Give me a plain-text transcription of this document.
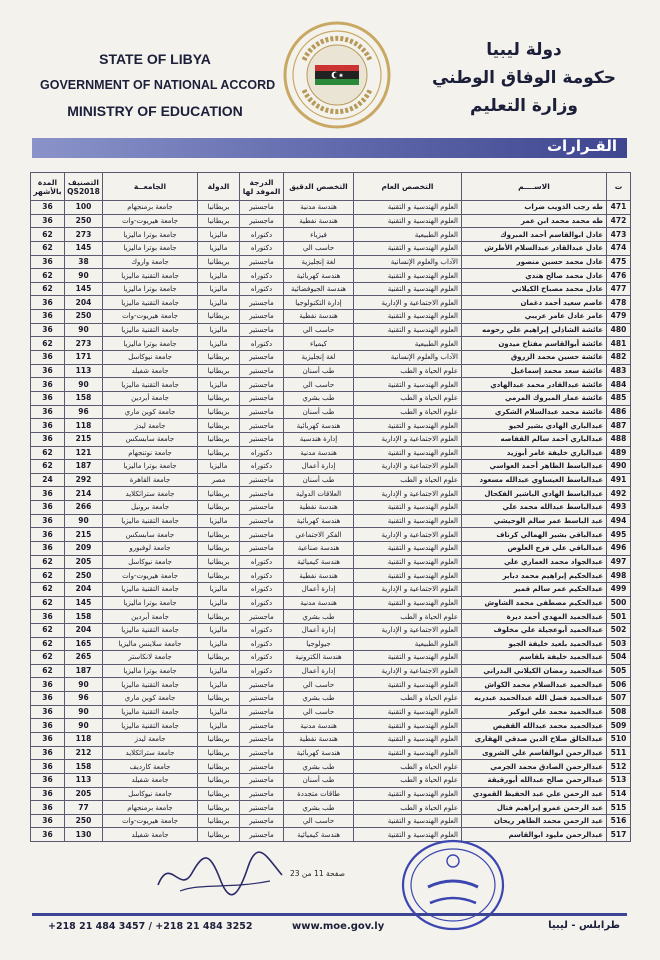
STATE OF LIBYA
GOVERNMENT OF NATIONAL ACCORD
MINISTRY OF EDUCATION
دولة ليبيا
حكومة الوفاق الوطني
وزارة التعليم
القـرارات
ت	الاســــم	التخصص العام	التخصص الدقيق	الدرجة الموفد لها	الدولة	الجامعــة	التصنيف QS2018	المدة بالأشهر
471	طه رجب الذويب ضراب	العلوم الهندسية و التقنية	هندسة مدنية	ماجستير	بريطانيا	جامعة برمنجهام	100	36
472	طه محمد محمد ابن عمر	العلوم الهندسية و التقنية	هندسة نفطية	ماجستير	بريطانيا	جامعة هيريوت-وات	250	36
473	عادل ابوالقاسم أحمد المبروك	العلوم الطبيعية	فيزياء	دكتوراه	ماليزيا	جامعة بوترا ماليزيا	273	62
474	عادل عبدالقادر عبدالسلام الأطرش	العلوم الهندسية و التقنية	حاسب الي	دكتوراه	ماليزيا	جامعة بوترا ماليزيا	145	62
475	عادل محمد حسين منصور	الآداب والعلوم الإنسانية	لغة إنجليزية	ماجستير	بريطانيا	جامعة واروك	38	36
476	عادل محمد صالح هندي	العلوم الهندسية و التقنية	هندسة كهربائية	دكتوراه	ماليزيا	جامعة التقنية ماليزيا	90	62
477	عادل محمد مصباح الكيلاني	العلوم الهندسية و التقنية	هندسة الجيوفضائية	دكتوراه	ماليزيا	جامعة بوترا ماليزيا	145	62
478	عاصم سعيد أحمد دغمان	العلوم الاجتماعية و الإدارية	إدارة التكنولوجيا	ماجستير	ماليزيا	جامعة التقنية ماليزيا	204	36
479	عامر عادل عامر عريبي	العلوم الهندسية و التقنية	هندسة نفطية	ماجستير	بريطانيا	جامعة هيريوت-وات	250	36
480	عائشة الشاذلي إبراهيم علي رحومه	العلوم الهندسية و التقنية	حاسب الي	ماجستير	ماليزيا	جامعة التقنية ماليزيا	90	36
481	عائشة أبوالقاسم مفتاح ميدون	العلوم الطبيعية	كيمياء	دكتوراه	ماليزيا	جامعة بوترا ماليزيا	273	62
482	عائشة حسين محمد الزروق	الآداب والعلوم الإنسانية	لغة إنجليزية	ماجستير	بريطانيا	جامعة نيوكاسل	171	36
483	عائشة سعد محمد إسماعيل	علوم الحياة و الطب	طب أسنان	ماجستير	بريطانيا	جامعة شفيلد	113	36
484	عائشة عبدالقادر محمد عبدالهادي	العلوم الهندسية و التقنية	حاسب الي	ماجستير	ماليزيا	جامعة التقنية ماليزيا	90	36
485	عائشة عمار المبروك المرمي	علوم الحياة و الطب	طب بشري	ماجستير	بريطانيا	جامعة أبردين	158	36
486	عائشة محمد عبدالسلام الشكري	علوم الحياة و الطب	طب أسنان	ماجستير	بريطانيا	جامعة كوين ماري	96	36
487	عبدالباري الهادي بشير لحيو	العلوم الهندسية و التقنية	هندسة كهربائية	ماجستير	بريطانيا	جامعة ليدز	118	36
488	عبدالباري أحمد سالم القفاصه	العلوم الاجتماعية و الإدارية	إدارة هندسية	ماجستير	بريطانيا	جامعة سابسكس	215	36
489	عبدالباري خليفة عامر أبوزيد	العلوم الهندسية و التقنية	هندسة مدنية	دكتوراه	بريطانيا	جامعة نوتنجهام	121	62
490	عبدالباسط الطاهر أحمد العواسي	العلوم الاجتماعية و الإدارية	إدارة أعمال	دكتوراه	ماليزيا	جامعة بوترا ماليزيا	187	62
491	عبدالباسط العيساوي عبدالله مسعود	علوم الحياة و الطب	طب أسنان	ماجستير	مصر	جامعة القاهرة	292	24
492	عبدالباسط الهادي الباشير الفكحال	العلوم الاجتماعية و الإدارية	العلاقات الدولية	ماجستير	بريطانيا	جامعة ستراثكلايد	214	36
493	عبدالباسط عبدالله محمد علي	العلوم الهندسية و التقنية	هندسة نفطية	ماجستير	بريطانيا	جامعة برونيل	266	36
494	عبد الباسط عمر سالم الوحيشي	العلوم الهندسية و التقنية	هندسة كهربائية	ماجستير	ماليزيا	جامعة التقنية ماليزيا	90	36
495	عبدالباقي بشير الهمالي كرناف	العلوم الاجتماعية و الإدارية	الفكر الاجتماعي	ماجستير	بريطانيا	جامعة سابسكس	215	36
496	عبدالباقي علي فرج العلوص	العلوم الهندسية و التقنية	هندسة صناعية	ماجستير	بريطانيا	جامعة لوفبورو	209	36
497	عبدالجواد محمد العماري علي	العلوم الهندسية و التقنية	هندسة كيميائية	دكتوراه	بريطانيا	جامعة نيوكاسل	205	62
498	عبدالحكيم إبراهيم محمد دبابر	العلوم الهندسية و التقنية	هندسة نفطية	دكتوراه	بريطانيا	جامعة هيريوت-وات	250	62
499	عبدالحكيم عمر سالم قمير	العلوم الاجتماعية و الإدارية	إدارة أعمال	دكتوراه	ماليزيا	جامعة التقنية ماليزيا	204	62
500	عبدالحكيم مصطفى محمد الشاوش	العلوم الهندسية و التقنية	هندسة مدنية	دكتوراه	ماليزيا	جامعة بوترا ماليزيا	145	62
501	عبدالحميد المهدي أحمد ديرة	علوم الحياة و الطب	طب بشري	ماجستير	بريطانيا	جامعة أبردين	158	36
502	عبدالحميد أبوعجيلة علي مخلوف	العلوم الاجتماعية و الإدارية	إدارة أعمال	دكتوراه	ماليزيا	جامعة التقنية ماليزيا	204	62
503	عبدالحميد بلعيد خليفة الجبو	العلوم الطبيعية	جيولوجيا	دكتوراه	ماليزيا	جامعة سلاينس ماليزيا	165	62
504	عبدالحميد خليفة بلقاسم	العلوم الهندسية و التقنية	هندسة الكترونية	دكتوراه	بريطانيا	جامعة لانكاستر	265	62
505	عبدالحميد رمضان الكيلاني البدراني	العلوم الاجتماعية و الإدارية	إدارة أعمال	دكتوراه	ماليزيا	جامعة بوترا ماليزيا	187	62
506	عبدالحميد عبدالسلام محمد الكواش	العلوم الهندسية و التقنية	حاسب الي	ماجستير	ماليزيا	جامعة التقنية ماليزيا	90	36
507	عبدالحميد فضل الله عبدالحميد عبدربه	علوم الحياة و الطب	طب بشري	ماجستير	بريطانيا	جامعة كوين ماري	96	36
508	عبدالحميد محمد علي ابوكير	العلوم الهندسية و التقنية	حاسب الي	ماجستير	ماليزيا	جامعة التقنية ماليزيا	90	36
509	عبدالحميد محمد عبدالله القفيص	العلوم الهندسية و التقنية	هندسة مدنية	ماجستير	ماليزيا	جامعة التقنية ماليزيا	90	36
510	عبدالخالق صلاح الدين صدقي الهقاري	العلوم الهندسية و التقنية	هندسة نفطية	ماجستير	بريطانيا	جامعة ليدز	118	36
511	عبدالرحمن ابوالقاسم علي الشروى	العلوم الهندسية و التقنية	هندسة كهربائية	ماجستير	بريطانيا	جامعة ستراثكلايد	212	36
512	عبدالرحمن الصادق محمد الجرمي	علوم الحياة و الطب	طب بشري	ماجستير	بريطانيا	جامعة كارديف	158	36
513	عبدالرحمن صالح عبدالله أبورقيقة	علوم الحياة و الطب	طب أسنان	ماجستير	بريطانيا	جامعة شفيلد	113	36
514	عبد الرحمن علي عبد الحفيظ القمودي	العلوم الهندسية و التقنية	طاقات متجددة	ماجستير	بريطانيا	جامعة نيوكاسل	205	36
515	عبد الرحمن عمرو إبراهيم فتال	علوم الحياة و الطب	طب بشري	ماجستير	بريطانيا	جامعة برمنجهام	77	36
516	عبد الرحمن محمد الطاهر ريحان	العلوم الهندسية و التقنية	حاسب الي	ماجستير	بريطانيا	جامعة هيريوت-وات	250	36
517	عبدالرحمن مليود ابوالقاسم	العلوم الهندسية و التقنية	هندسة كيميائية	ماجستير	بريطانيا	جامعة شفيلد	130	36
صفحة 11 من 23
+218 21 484 3457 / +218 21 484 3252	www.moe.gov.ly	طرابلس - ليبيا
